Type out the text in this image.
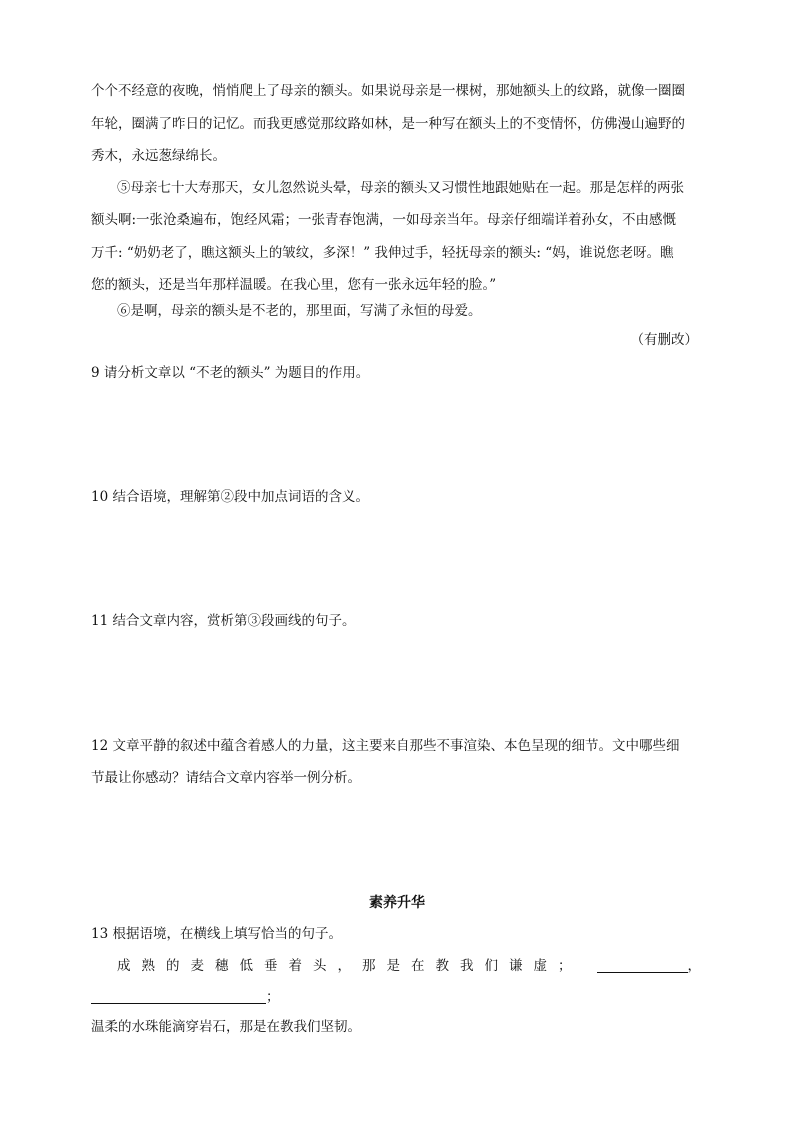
个个不经意的夜晚，悄悄爬上了母亲的额头。如果说母亲是一棵树，那她额头上的纹路，就像一圈圈
年轮，圈满了昨日的记忆。而我更感觉那纹路如林，是一种写在额头上的不变情怀，仿佛漫山遍野的
秀木，永远葱绿绵长。
⑤母亲七十大寿那天，女儿忽然说头晕，母亲的额头又习惯性地跟她贴在一起。那是怎样的两张
额头啊:一张沧桑遍布，饱经风霜；一张青春饱满，一如母亲当年。母亲仔细端详着孙女，不由感慨
万千: “奶奶老了，瞧这额头上的皱纹，多深！” 我伸过手，轻抚母亲的额头: “妈，谁说您老呀。瞧
您的额头，还是当年那样温暖。在我心里，您有一张永远年轻的脸。”
⑥是啊，母亲的额头是不老的，那里面，写满了永恒的母爱。
（有删改）
9 请分析文章以 “不老的额头” 为题目的作用。
10 结合语境，理解第②段中加点词语的含义。
11 结合文章内容，赏析第③段画线的句子。
12 文章平静的叙述中蕴含着感人的力量，这主要来自那些不事渲染、本色呈现的细节。文中哪些细
节最让你感动？请结合文章内容举一例分析。
素养升华
13 根据语境，在横线上填写恰当的句子。
成熟的麦穗低垂着头，那是在教我们谦虚；	，
；
温柔的水珠能滴穿岩石，那是在教我们坚韧。
